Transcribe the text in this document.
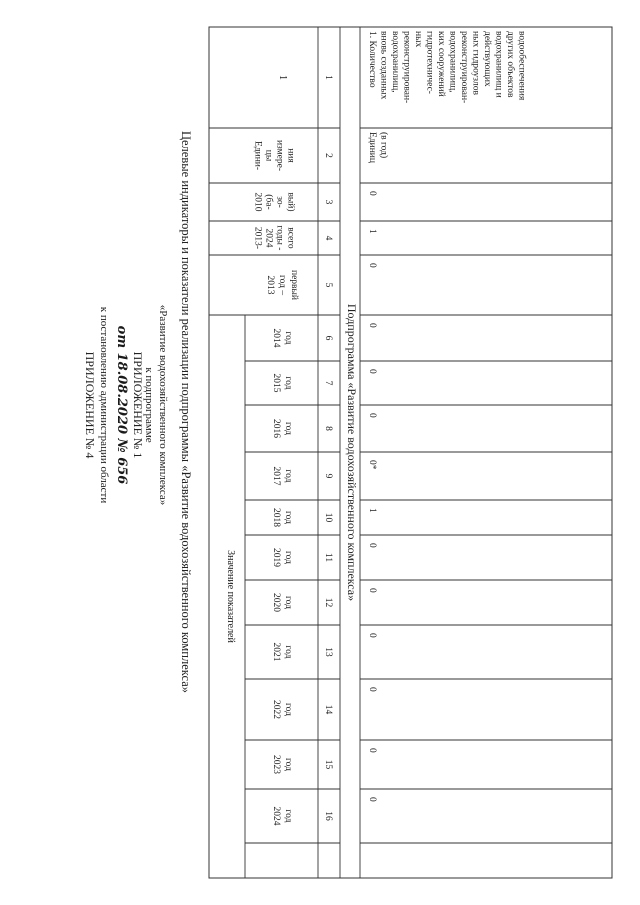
ПРИЛОЖЕНИЕ № 4 к постановлению администрации области от 18.08.2020 № 656 ПРИЛОЖЕНИЕ № 1
к подпрограмме «Развитие водохозяйственного комплекса» Целевые индикаторы и показатели реализации подпрограммы «Развитие водохозяйственного комплекса»
1
Едини- цы измере- ния
2010 (ба- зо- вый)
2013- 2024 годы - всего
Значение показателей
2013 год – первый
2014 год
2015 год
2016 год
2017 год
2018 год
2019 год
2020 год
2021 год
2022 год
2023 год
2024 год
1
2
3
4
5
6
7
8
9
10
11
12
13
14
15
16
Подпрограмма «Развитие водохозяйственного комплекса»
1. Количество вновь созданных водохранилищ, реконструирован- ных гидротехничес- ких сооружений водохранилищ, реконструирован- ных гидроузлов действующих водохранилищ и других объектов водообеспечения
Единиц (в год)
0
1
0
0
0
0
0*
1
0
0
0
0
0
0
